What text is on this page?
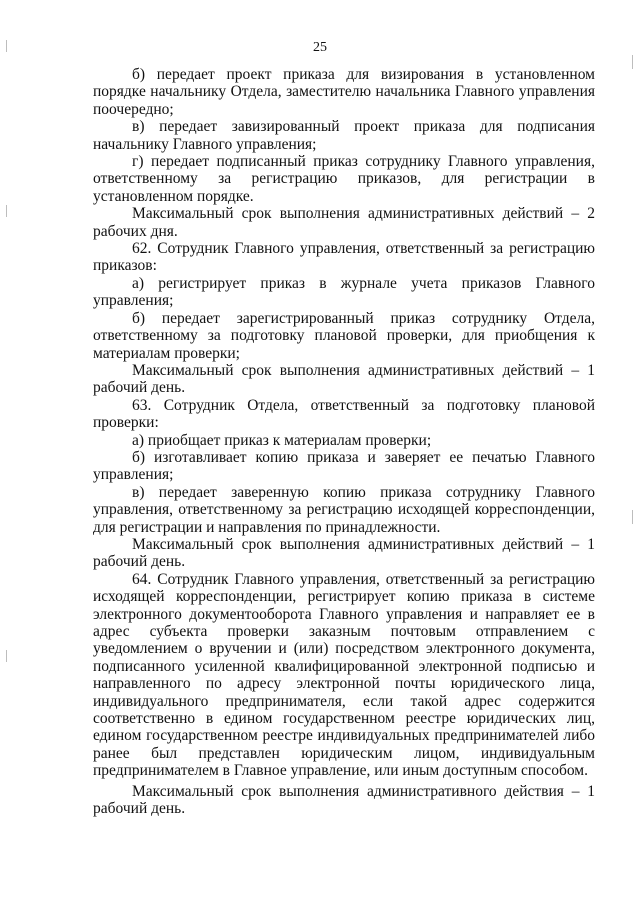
25

б) передает проект приказа для визирования в установленном порядке начальнику Отдела, заместителю начальника Главного управления поочередно;

в) передает завизированный проект приказа для подписания начальнику Главного управления;

г) передает подписанный приказ сотруднику Главного управления, ответственному за регистрацию приказов, для регистрации в установленном порядке.

Максимальный срок выполнения административных действий – 2 рабочих дня.

62. Сотрудник Главного управления, ответственный за регистрацию приказов:

а) регистрирует приказ в журнале учета приказов Главного управления;

б) передает зарегистрированный приказ сотруднику Отдела, ответственному за подготовку плановой проверки, для приобщения к материалам проверки;

Максимальный срок выполнения административных действий – 1 рабочий день.

63. Сотрудник Отдела, ответственный за подготовку плановой проверки:

а) приобщает приказ к материалам проверки;

б) изготавливает копию приказа и заверяет ее печатью Главного управления;

в) передает заверенную копию приказа сотруднику Главного управления, ответственному за регистрацию исходящей корреспонденции, для регистрации и направления по принадлежности.

Максимальный срок выполнения административных действий – 1 рабочий день.

64. Сотрудник Главного управления, ответственный за регистрацию исходящей корреспонденции, регистрирует копию приказа в системе электронного документооборота Главного управления и направляет ее в адрес субъекта проверки заказным почтовым отправлением с уведомлением о вручении и (или) посредством электронного документа, подписанного усиленной квалифицированной электронной подписью и направленного по адресу электронной почты юридического лица, индивидуального предпринимателя, если такой адрес содержится соответственно в едином государственном реестре юридических лиц, едином государственном реестре индивидуальных предпринимателей либо ранее был представлен юридическим лицом, индивидуальным предпринимателем в Главное управление, или иным доступным способом.

Максимальный срок выполнения административного действия – 1 рабочий день.
